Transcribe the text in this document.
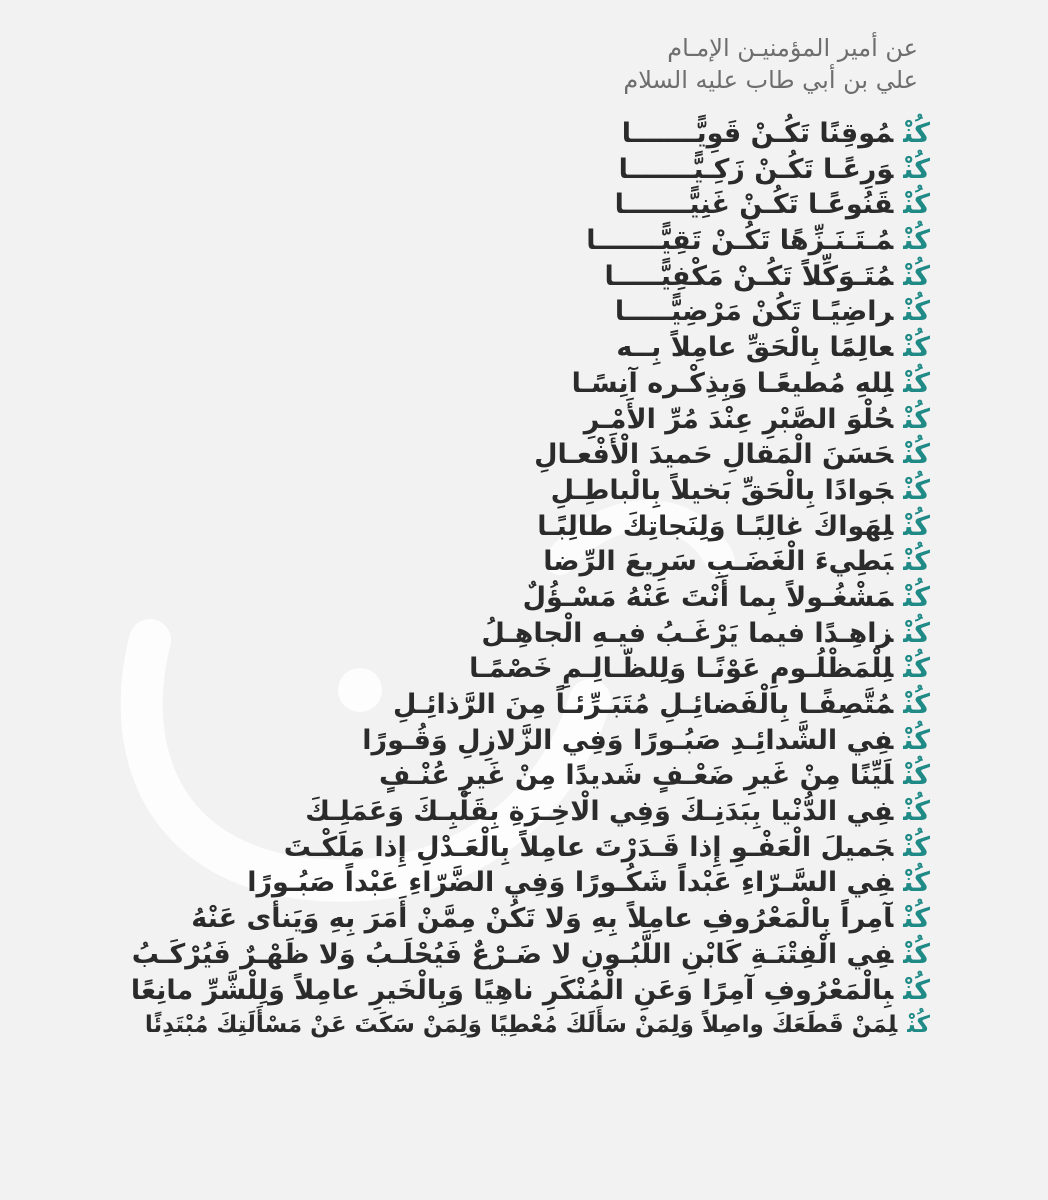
عن أمير المؤمنيـن الإمـام
علي بن أبي طاب عليه السلام
كُنْمُوقِنًا تَكُـنْ قَوِيًّـــــــا
كُنْوَرِعًـا تَكُـنْ زَكِـيًّـــــــا
كُنْقَنُوعًـا تَكُـنْ غَنِيًّـــــــا
كُنْمُـتَـنَـزِّهًا تَكُـنْ تَقِيًّـــــــا
كُنْمُتَـوَكِّلاً تَكُـنْ مَكْفِيًّـــــا
كُنْراضِيًـا تَكُنْ مَرْضِيًّـــــا
كُنْعالِمًا بِالْحَقِّ عامِلاً بِــه
كُنْلِلهِ مُطيعًـا وَبِذِكْـره آنِسًـا
كُنْحُلْوَ الصَّبْرِ عِنْدَ مُرِّ الأَمْـرِ
كُنْحَسَنَ الْمَقالِ حَميدَ الْأَفْعـالِ
كُنْجَوادًا بِالْحَقِّ بَخيلاً بِالْباطِـلِ
كُنْلِهَواكَ غالِبًـا وَلِنَجاتِكَ طالِبًـا
كُنْبَطِيءَ الْغَضَـبِ سَرِيعَ الرِّضا
كُنْمَشْغُـولاً بِما أَنْتَ عَنْهُ مَسْـؤُلٌ
كُنْزاهِـدًا فيما يَرْغَـبُ فيـهِ الْجاهِـلُ
كُنْلِلْمَظْلُـومِ عَوْنًـا وَلِلظّـالِـمِ خَصْمًـا
كُنْمُتَّصِفًـا بِالْفَضائِـلِ مُتَبَـرِّئـاً مِنَ الرَّذائِـلِ
كُنْفِي الشَّدائِـدِ صَبُـورًا وَفِي الزَّلازِلِ وَقُـورًا
كُنْلَيِّنًا مِنْ غَيرِ ضَعْـفٍ شَديدًا مِنْ غَيرِ عُنْـفٍ
كُنْفِي الدُّنْيا بِبَدَنِـكَ وَفِي الْاخِـرَةِ بِقَلْبِـكَ وَعَمَلِـكَ
كُنْجَميلَ الْعَفْـوِ إِذا قَـدَرْتَ عامِلاً بِالْعَـدْلِ إِذا مَلَكْـتَ
كُنْفِي السَّـرّاءِ عَبْداً شَكُـورًا وَفِي الضَّرّاءِ عَبْداً صَبُـورًا
كُنْآمِراً بِالْمَعْرُوفِ عامِلاً بِهِ وَلا تَكُنْ مِمَّنْ أَمَرَ بِهِ وَيَنأى عَنْهُ
كُنْفِي الْفِتْنَـةِ كَابْنِ اللَّبُـونِ لا ضَـرْعٌ فَيُحْلَـبُ وَلا ظَهْـرٌ فَيُرْكَـبُ
كُنْبِالْمَعْرُوفِ آمِرًا وَعَنِ الْمُنْكَرِ ناهِيًا وَبِالْخَيرِ عامِلاً وَلِلْشَّرِّ مانِعًا
كُنْلِمَنْ قَطَعَكَ واصِلاً وَلِمَنْ سَأَلَكَ مُعْطِيًا وَلِمَنْ سَكَتَ عَنْ مَسْأَلَتِكَ مُبْتَدِئًا
